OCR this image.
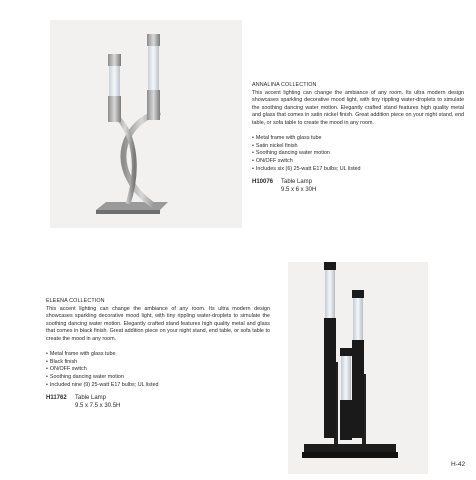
ANNALINA COLLECTION
This accent lighting can change the ambiance of any room. Its ultra modern design showcases sparkling decorative mood light, with tiny rippling water-droplets to simulate the soothing dancing water motion. Elegantly crafted stand features high quality metal and glass that comes in satin nickel finish. Great addition piece on your night stand, end table, or sofa table to create the mood in any room.
• Metal frame with glass tube
• Satin nickel finish
• Soothing dancing water motion
• ON/OFF switch
• Includes six (6) 25-watt E17 bulbs; UL listed
H10076	Table Lamp
9.5 x 6 x 30H
ELEENA COLLECTION
This accent lighting can change the ambiance of any room. Its ultra modern design showcases sparkling decorative mood light, with tiny rippling water-droplets to simulate the soothing dancing water motion. Elegantly crafted stand features high quality metal and glass that comes in black finish. Great addition piece on your night stand, end table, or sofa table to create the mood in any room.
• Metal frame with glass tube
• Black finish
• ON/OFF switch
• Soothing dancing water motion
• Included nine (9) 25-watt E17 bulbs; UL listed
H11762	Table Lamp
9.5 x 7.5 x 30.5H
H-42
